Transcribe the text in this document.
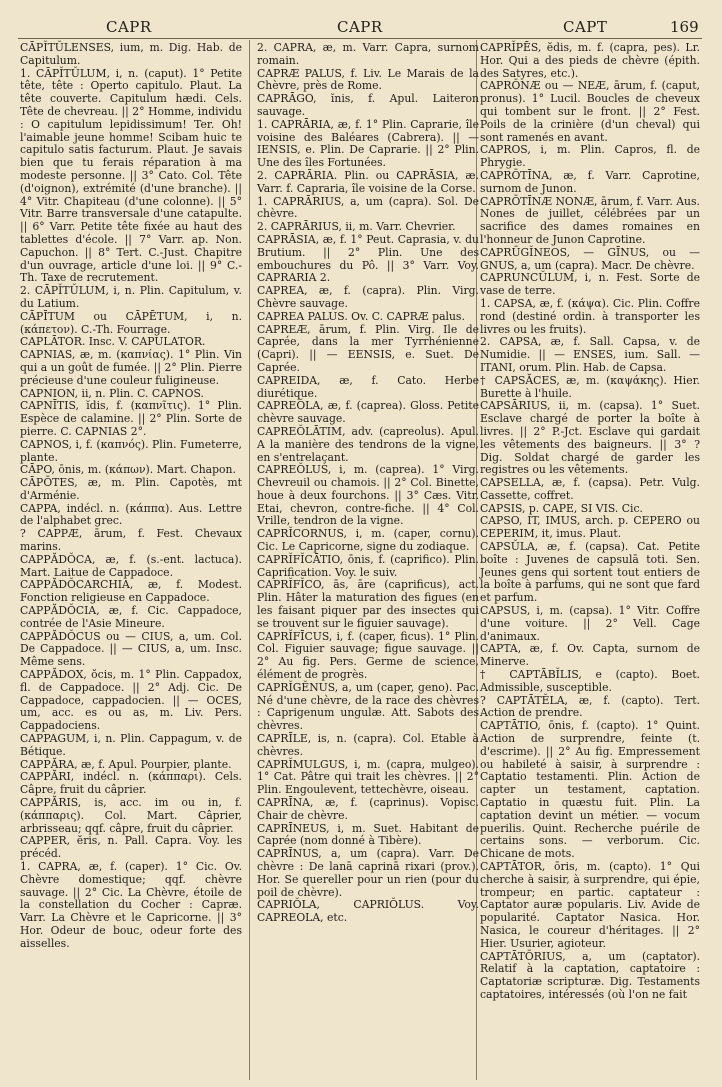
CAPR	CAPR	CAPT	169
CĀPĬTŬLENSES, ium, m. Dig. Hab. de Capitulum.
1. CĀPĬTŬLUM, i, n. (caput). 1° Petite tête, tête : Operto capitulo. Plaut. La tête couverte. Capitulum hædi. Cels. Tête de chevreau. || 2° Homme, individu : O capitulum lepidissimum! Ter. Oh! l'aimable jeune homme! Scibam huic te capitulo satis facturum. Plaut. Je savais bien que tu ferais réparation à ma modeste personne. || 3° Cato. Col. Tête (d'oignon), extrémité (d'une branche). || 4° Vitr. Chapiteau (d'une colonne). || 5° Vitr. Barre transversale d'une catapulte. || 6° Varr. Petite tête fixée au haut des tablettes d'école. || 7° Varr. ap. Non. Capuchon. || 8° Tert. C.-Just. Chapitre d'un ouvrage, article d'une loi. || 9° C.-Th. Taxe de recrutement.
2. CĀPĬTŬLUM, i, n. Plin. Capitulum, v. du Latium.
CĀPĪTUM ou CĀPĒTUM, i, n. (κάπετον). C.-Th. Fourrage.
CAPLĀTOR. Insc. V. CAPULATOR.
CAPNIAS, æ, m. (καπνίας). 1° Plin. Vin qui a un goût de fumée. || 2° Plin. Pierre précieuse d'une couleur fuligineuse.
CAPNION, ii, n. Plin. C. CAPNOS.
CAPNĪTIS, ĭdis, f. (καπνῖτις). 1° Plin. Espèce de calamine. || 2° Plin. Sorte de pierre. C. CAPNIAS 2°.
CAPNOS, i, f. (καπνός). Plin. Fumeterre, plante.
CĀPO, ōnis, m. (κάπων). Mart. Chapon.
CĀPŌTES, æ, m. Plin. Capotès, mt d'Arménie.
CAPPA, indécl. n. (κάππα). Aus. Lettre de l'alphabet grec.
? CAPPÆ, ārum, f. Fest. Chevaux marins.
CAPPĂDŎCA, æ, f. (s.-ent. lactuca). Mart. Laitue de Cappadoce.
CAPPĂDŎCARCHIA, æ, f. Modest. Fonction religieuse en Cappadoce.
CAPPĂDŎCIA, æ, f. Cic. Cappadoce, contrée de l'Asie Mineure.
CAPPĂDŎCUS ou — CIUS, a, um. Col. De Cappadoce. || — CIUS, a, um. Insc. Même sens.
CAPPĂDOX, ŏcis, m. 1° Plin. Cappadox, fl. de Cappadoce. || 2° Adj. Cic. De Cappadoce, cappadocien. || — OCES, um, acc. es ou as, m. Liv. Pers. Cappadociens.
CAPPAGUM, i, n. Plin. Cappagum, v. de Bétique.
CAPPĂRA, æ, f. Apul. Pourpier, plante.
CAPPĂRI, indécl. n. (κάππαρι). Cels. Câpre, fruit du câprier.
CAPPĂRIS, is, acc. im ou in, f. (κάππαρις). Col. Mart. Câprier, arbrisseau; qqf. câpre, fruit du câprier.
CAPPER, ĕris, n. Pall. Capra. Voy. les précéd.
1. CAPRA, æ, f. (caper). 1° Cic. Ov. Chèvre domestique; qqf. chèvre sauvage. || 2° Cic. La Chèvre, étoile de la constellation du Cocher : Capræ. Varr. La Chèvre et le Capricorne. || 3° Hor. Odeur de bouc, odeur forte des aisselles.
2. CAPRA, æ, m. Varr. Capra, surnom romain.
CAPRÆ PALUS, f. Liv. Le Marais de la Chèvre, près de Rome.
CAPRĀGO, ĭnis, f. Apul. Laiteron sauvage.
1. CAPRĀRIA, æ, f. 1° Plin. Caprarie, île voisine des Baléares (Cabrera). || — IENSIS, e. Plin. De Caprarie. || 2° Plin. Une des îles Fortunées.
2. CAPRĀRIA. Plin. ou CAPRĀSIA, æ. Varr. f. Capraria, île voisine de la Corse.
1. CAPRĀRIUS, a, um (capra). Sol. De chèvre.
2. CAPRĀRIUS, ii, m. Varr. Chevrier.
CAPRĀSIA, æ, f. 1° Peut. Caprasia, v. du Brutium. || 2° Plin. Une des embouchures du Pô. || 3° Varr. Voy. CAPRARIA 2.
CAPREA, æ, f. (capra). Plin. Virg. Chèvre sauvage.
CAPREA PALUS. Ov. C. CAPRÆ palus.
CAPREÆ, ārum, f. Plin. Virg. Ile de Caprée, dans la mer Tyrrhénienne (Capri). || — EENSIS, e. Suet. De Caprée.
CAPREIDA, æ, f. Cato. Herbe diurétique.
CAPREŎLA, æ, f. (caprea). Gloss. Petite chèvre sauvage.
CAPREŎLĀTIM, adv. (capreolus). Apul. A la manière des tendrons de la vigne, en s'entrelaçant.
CAPREŎLUS, i, m. (caprea). 1° Virg. Chevreuil ou chamois. || 2° Col. Binette, houe à deux fourchons. || 3° Cæs. Vitr. Etai, chevron, contre-fiche. || 4° Col. Vrille, tendron de la vigne.
CAPRĬCORNUS, i, m. (caper, cornu). Cic. Le Capricorne, signe du zodiaque.
CAPRĬFĬCĀTIO, ōnis, f. (caprifico). Plin. Caprification. Voy. le suiv.
CAPRĬFĬCO, ās, āre (caprificus), act. Plin. Hâter la maturation des figues (en les faisant piquer par des insectes qui se trouvent sur le figuier sauvage).
CAPRĬFĪCUS, i, f. (caper, ficus). 1° Plin. Col. Figuier sauvage; figue sauvage. || 2° Au fig. Pers. Germe de science, élément de progrès.
CAPRĬGĔNUS, a, um (caper, geno). Pac. Né d'une chèvre, de la race des chèvres : Caprigenum ungulæ. Att. Sabots des chèvres.
CAPRĪLE, is, n. (capra). Col. Etable à chèvres.
CAPRĬMULGUS, i, m. (capra, mulgeo). 1° Cat. Pâtre qui trait les chèvres. || 2° Plin. Engoulevent, tettechèvre, oiseau.
CAPRĪNA, æ, f. (caprinus). Vopisc. Chair de chèvre.
CAPRĪNEUS, i, m. Suet. Habitant de Caprée (nom donné à Tibère).
CAPRĪNUS, a, um (capra). Varr. De chèvre : De lanā caprinā rixari (prov.). Hor. Se quereller pour un rien (pour du poil de chèvre).
CAPRIŎLA, CAPRIŎLUS. Voy. CAPREOLA, etc.
CAPRĬPĒS, ĕdis, m. f. (capra, pes). Lr. Hor. Qui a des pieds de chèvre (épith. des Satyres, etc.).
CAPRŌNÆ ou — NEÆ, ārum, f. (caput, pronus). 1° Lucil. Boucles de cheveux qui tombent sur le front. || 2° Fest. Poils de la crinière (d'un cheval) qui sont ramenés en avant.
CAPROS, i, m. Plin. Capros, fl. de Phrygie.
CAPRŌTĪNA, æ, f. Varr. Caprotine, surnom de Junon.
CAPRŌTĪNÆ NONÆ, ārum, f. Varr. Aus. Nones de juillet, célébrées par un sacrifice des dames romaines en l'honneur de Junon Caprotine.
CAPRŪGĬNEOS, — GĪNUS, ou — GNUS, a, um (capra). Macr. De chèvre.
CAPRUNCŬLUM, i, n. Fest. Sorte de vase de terre.
1. CAPSA, æ, f. (κάψα). Cic. Plin. Coffre rond (destiné ordin. à transporter les livres ou les fruits).
2. CAPSA, æ, f. Sall. Capsa, v. de Numidie. || — ENSES, ium. Sall. — ITANI, orum. Plin. Hab. de Capsa.
† CAPSĂCES, æ, m. (καψάκης). Hier. Burette à l'huile.
CAPSĀRIUS, ii, m. (capsa). 1° Suet. Esclave chargé de porter la boîte à livres. || 2° P.-Jct. Esclave qui gardait les vêtements des baigneurs. || 3° ? Dig. Soldat chargé de garder les registres ou les vêtements.
CAPSELLA, æ, f. (capsa). Petr. Vulg. Cassette, coffret.
CAPSIS, p. CAPE, SI VIS. Cic.
CAPSO, IT, IMUS, arch. p. CEPERO ou CEPERIM, it, imus. Plaut.
CAPSŬLA, æ, f. (capsa). Cat. Petite boîte : Juvenes de capsulā toti. Sen. Jeunes gens qui sortent tout entiers de la boîte à parfums, qui ne sont que fard et parfum.
CAPSUS, i, m. (capsa). 1° Vitr. Coffre d'une voiture. || 2° Vell. Cage d'animaux.
CAPTA, æ, f. Ov. Capta, surnom de Minerve.
† CAPTĀBĬLIS, e (capto). Boet. Admissible, susceptible.
? CAPTĀTĔLA, æ, f. (capto). Tert. Action de prendre.
CAPTĀTIO, ōnis, f. (capto). 1° Quint. Action de surprendre, feinte (t. d'escrime). || 2° Au fig. Empressement ou habileté à saisir, à surprendre : Captatio testamenti. Plin. Action de capter un testament, captation. Captatio in quæstu fuit. Plin. La captation devint un métier. — vocum puerilis. Quint. Recherche puérile de certains sons. — verborum. Cic. Chicane de mots.
CAPTĀTOR, ōris, m. (capto). 1° Qui cherche à saisir, à surprendre, qui épie, trompeur; en partic. captateur : Captator auræ popularis. Liv. Avide de popularité. Captator Nasica. Hor. Nasica, le coureur d'héritages. || 2° Hier. Usurier, agioteur.
CAPTĀTŌRIUS, a, um (captator). Relatif à la captation, captatoire : Captatoriæ scripturæ. Dig. Testaments captatoires, intéressés (où l'on ne fait
